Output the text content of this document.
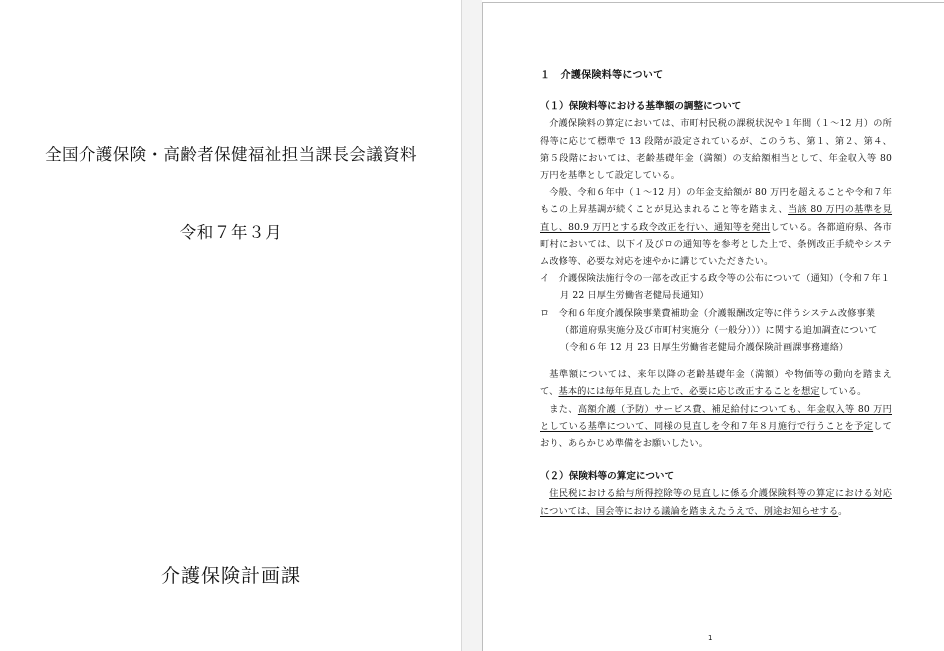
全国介護保険・高齢者保健福祉担当課長会議資料
令和７年３月
介護保険計画課
１　介護保険料等について
（１）保険料等における基準額の調整について

介護保険料の算定においては、市町村民税の課税状況や１年間（１～12 月）の所得等に応じて標準で 13 段階が設定されているが、このうち、第１、第２、第４、第５段階においては、老齢基礎年金（満額）の支給額相当として、年金収入等 80 万円を基準として設定している。

今般、令和６年中（１～12 月）の年金支給額が 80 万円を超えることや令和７年もこの上昇基調が続くことが見込まれること等を踏まえ、当該 80 万円の基準を見直し、80.9 万円とする政令改正を行い、通知等を発出している。各都道府県、各市町村においては、以下イ及びロの通知等を参考とした上で、条例改正手続やシステム改修等、必要な対応を速やかに講じていただきたい。

イ　介護保険法施行令の一部を改正する政令等の公布について（通知）（令和７年１月 22 日厚生労働省老健局長通知）

ロ　令和６年度介護保険事業費補助金（介護報酬改定等に伴うシステム改修事業（都道府県実施分及び市町村実施分（一般分）））に関する追加調査について

（令和６年 12 月 23 日厚生労働省老健局介護保険計画課事務連絡）

基準額については、来年以降の老齢基礎年金（満額）や物価等の動向を踏まえて、基本的には毎年見直した上で、必要に応じ改正することを想定している。

また、高額介護（予防）サービス費、補足給付についても、年金収入等 80 万円としている基準について、同様の見直しを令和７年８月施行で行うことを予定しており、あらかじめ準備をお願いしたい。

（２）保険料等の算定について

住民税における給与所得控除等の見直しに係る介護保険料等の算定における対応については、国会等における議論を踏まえたうえで、別途お知らせする。

1
